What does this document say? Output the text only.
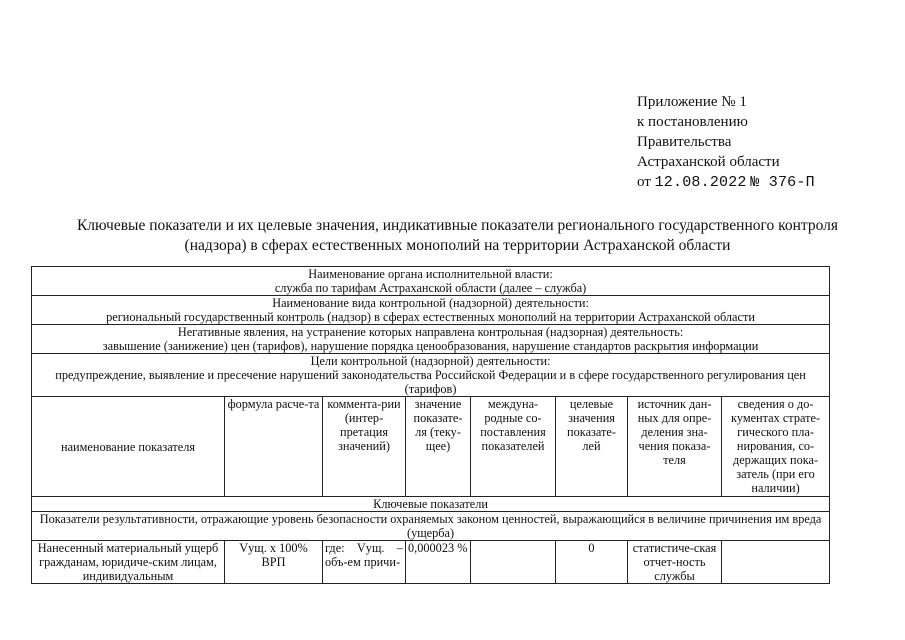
Приложение № 1
к постановлению
Правительства
Астраханской области
от 12.08.2022 № 376-П
Ключевые показатели и их целевые значения, индикативные показатели регионального государственного контроля
(надзора) в сферах естественных монополий на территории Астраханской области
Наименование органа исполнительной власти:
служба по тарифам Астраханской области (далее – служба)							

Наименование вида контрольной (надзорной) деятельности:
региональный государственный контроль (надзор) в сферах естественных монополий на территории Астраханской области							

Негативные явления, на устранение которых направлена контрольная (надзорная) деятельность:
завышение (занижение) цен (тарифов), нарушение порядка ценообразования, нарушение стандартов раскрытия информации							

Цели контрольной (надзорной) деятельности:
предупреждение, выявление и пресечение нарушений законодательства Российской Федерации и в сфере государственного регулирования цен (тарифов)							

наименование показателя	формула расче-та	коммента-рии (интер-претация значений)	значение показате-ля (теку-щее)	междуна-родные со-поставления показателей	целевые значения показате-лей	источник дан-ных для опре-деления зна-чения показа-теля	сведения о до-кументах страте-гического пла-нирования, со-держащих пока-затель (при его наличии)
Ключевые показатели							
Показатели результативности, отражающие уровень безопасности охраняемых законом ценностей, выражающийся в величине причинения им вреда (ущерба)							
Нанесенный материальный ущерб гражданам, юридиче-ским лицам, индивидуальным	Vущ. x 100% ВРП	где: Vущ. – объ-ем причи-	0,000023 %		0	статистиче-ская отчет-ность службы	
